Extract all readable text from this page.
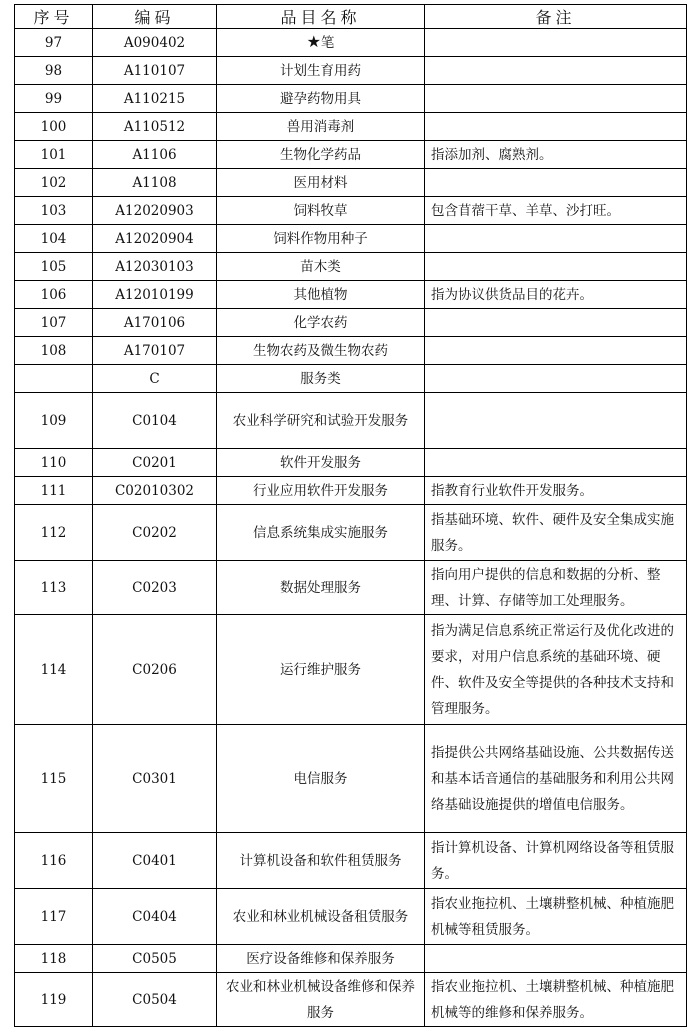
序号	编码	品目名称	备注
97	A090402	★笔	
98	A110107	计划生育用药	
99	A110215	避孕药物用具	
100	A110512	兽用消毒剂	
101	A1106	生物化学药品	指添加剂、腐熟剂。
102	A1108	医用材料	
103	A12020903	饲料牧草	包含苜蓿干草、羊草、沙打旺。
104	A12020904	饲料作物用种子	
105	A12030103	苗木类	
106	A12010199	其他植物	指为协议供货品目的花卉。
107	A170106	化学农药	
108	A170107	生物农药及微生物农药	
	C	服务类	
109	C0104	农业科学研究和试验开发服务	
110	C0201	软件开发服务	
111	C02010302	行业应用软件开发服务	指教育行业软件开发服务。
112	C0202	信息系统集成实施服务	指基础环境、软件、硬件及安全集成实施服务。
113	C0203	数据处理服务	指向用户提供的信息和数据的分析、整理、计算、存储等加工处理服务。
114	C0206	运行维护服务	指为满足信息系统正常运行及优化改进的要求，对用户信息系统的基础环境、硬件、软件及安全等提供的各种技术支持和管理服务。
115	C0301	电信服务	指提供公共网络基础设施、公共数据传送和基本话音通信的基础服务和利用公共网络基础设施提供的增值电信服务。
116	C0401	计算机设备和软件租赁服务	指计算机设备、计算机网络设备等租赁服务。
117	C0404	农业和林业机械设备租赁服务	指农业拖拉机、土壤耕整机械、种植施肥机械等租赁服务。
118	C0505	医疗设备维修和保养服务	
119	C0504	农业和林业机械设备维修和保养服务	指农业拖拉机、土壤耕整机械、种植施肥机械等的维修和保养服务。
